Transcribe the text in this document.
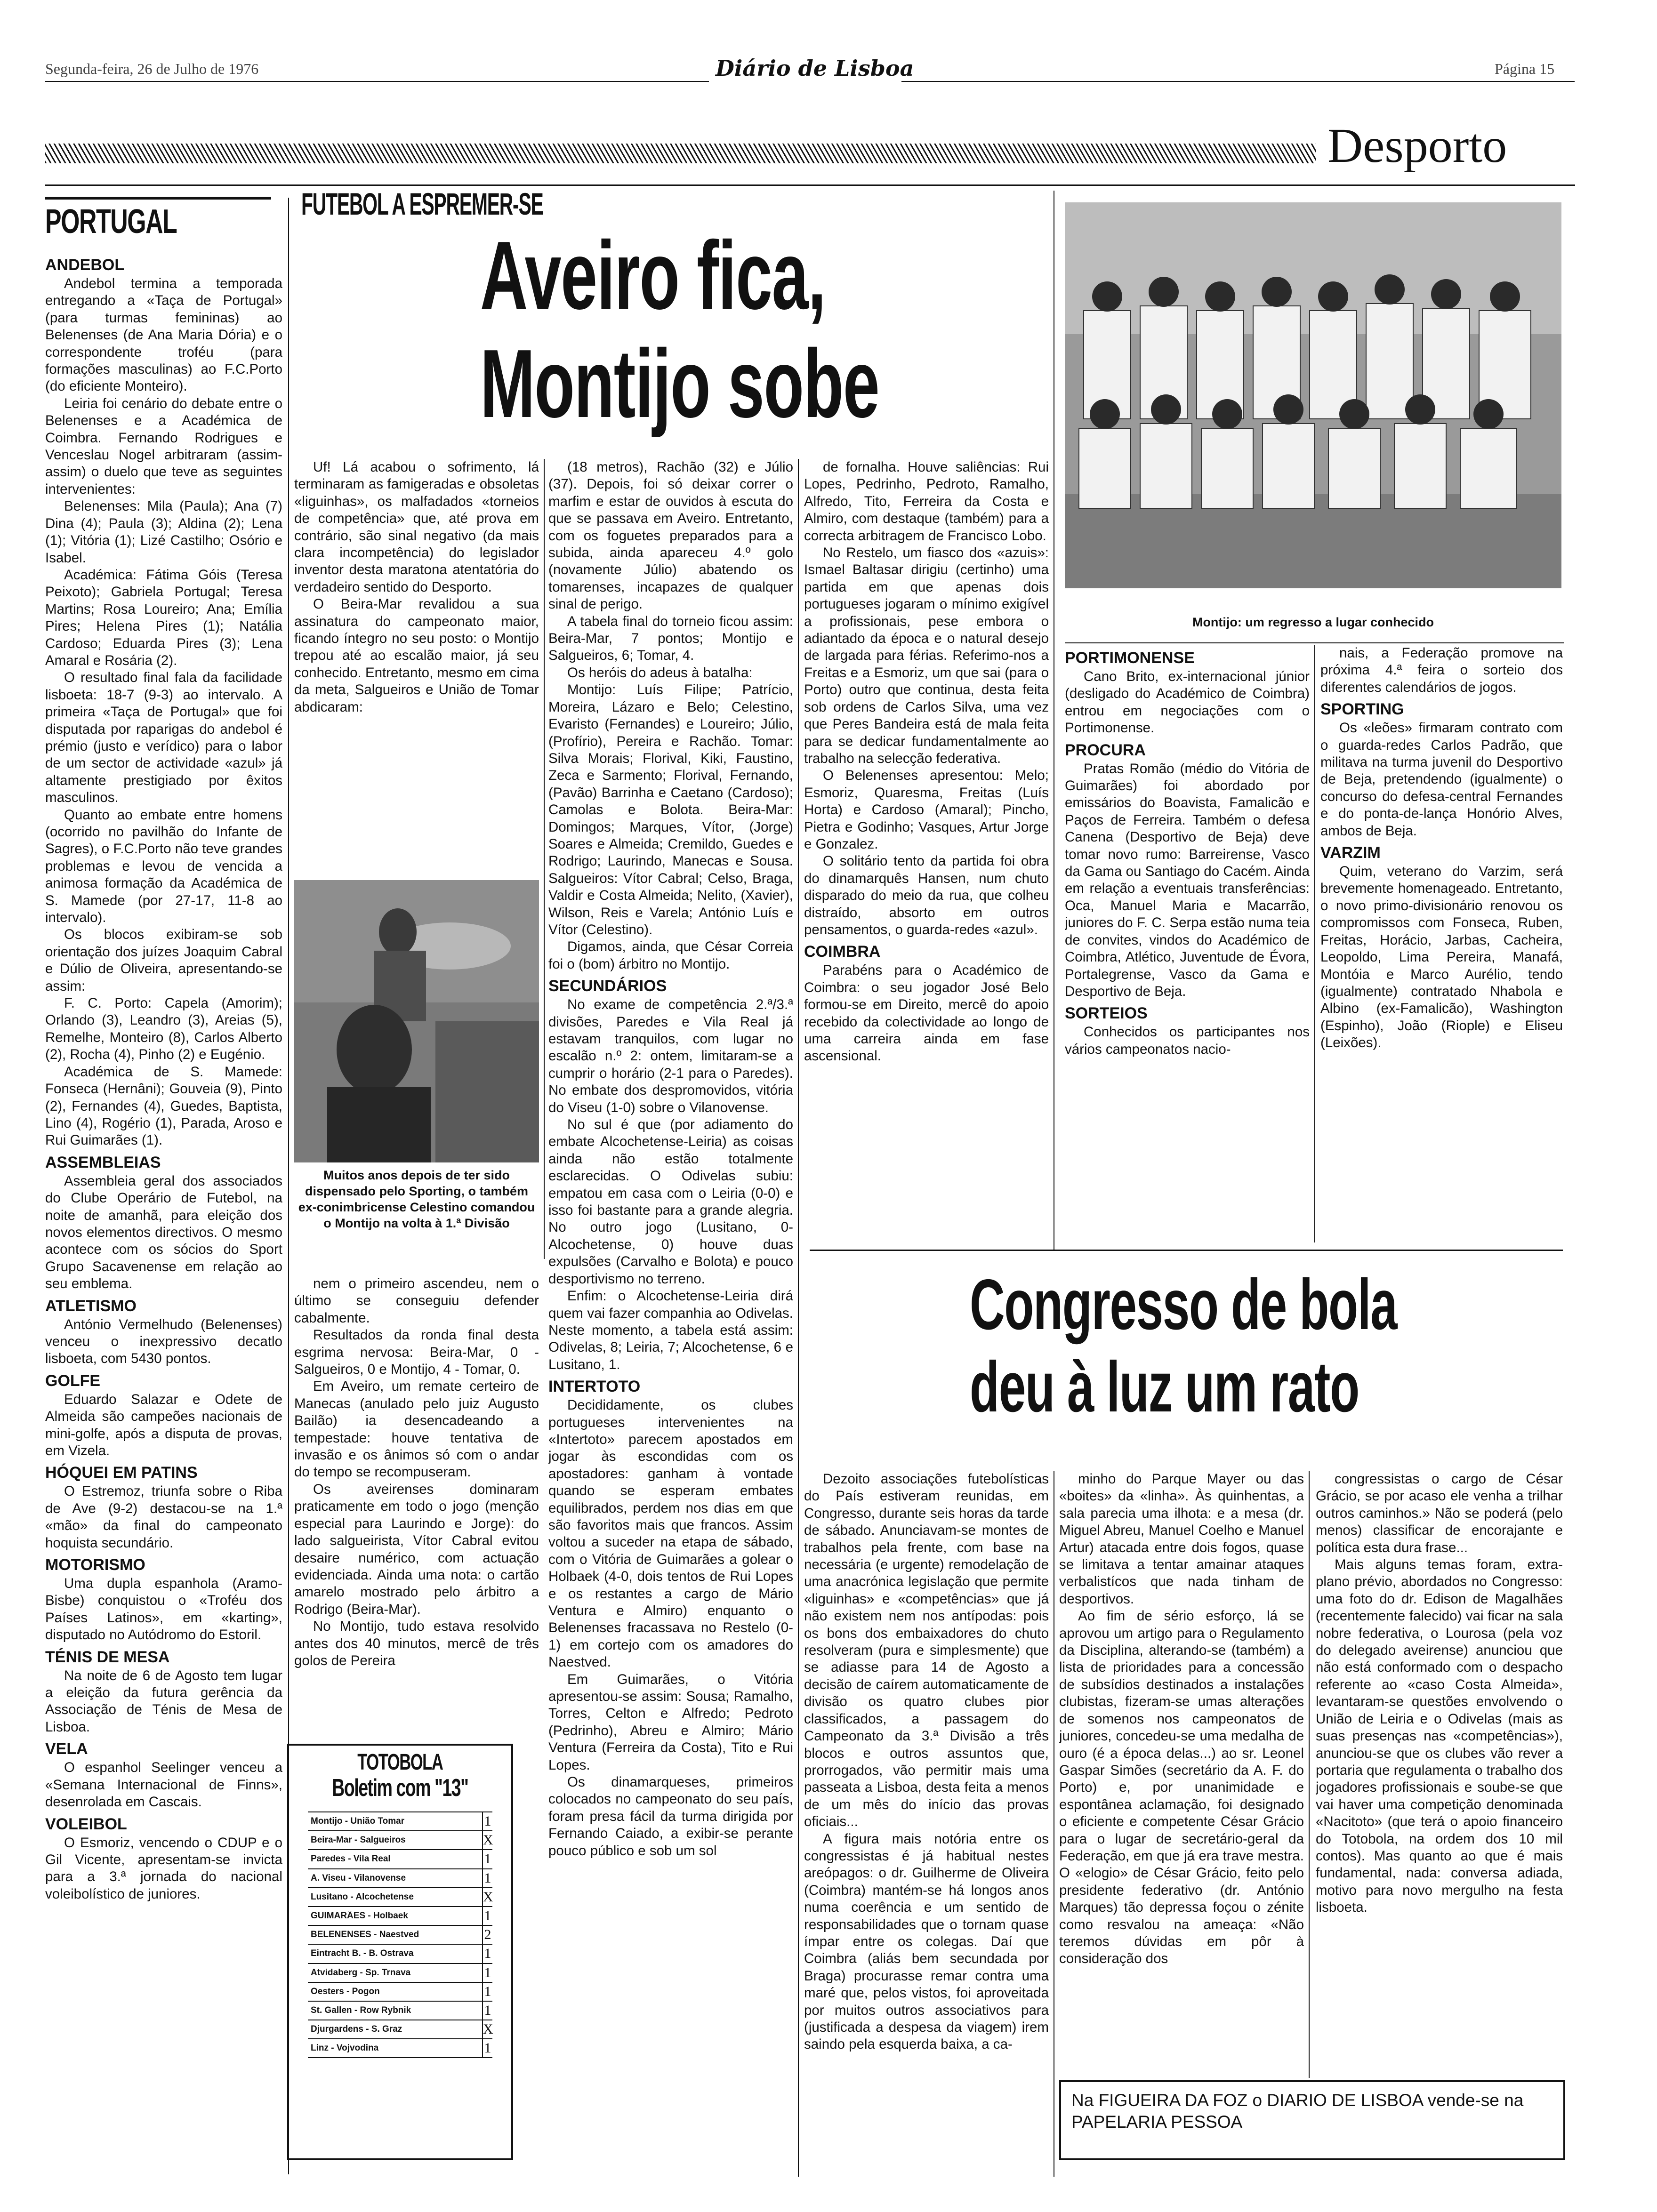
Segunda-feira, 26 de Julho de 1976	Diário de Lisboa	Página 15
Desporto
PORTUGAL

ANDEBOL

Andebol termina a temporada entregando a «Taça de Portugal» (para turmas femininas) ao Belenenses (de Ana Maria Dória) e o correspondente troféu (para formações masculinas) ao F.C.Porto (do eficiente Monteiro).

Leiria foi cenário do debate entre o Belenenses e a Académica de Coimbra. Fernando Rodrigues e Venceslau Nogel arbitraram (assim-assim) o duelo que teve as seguintes intervenientes:

Belenenses: Mila (Paula); Ana (7) Dina (4); Paula (3); Aldina (2); Lena (1); Vitória (1); Lizé Castilho; Osório e Isabel.

Académica: Fátima Góis (Teresa Peixoto); Gabriela Portugal; Teresa Martins; Rosa Loureiro; Ana; Emília Pires; Helena Pires (1); Natália Cardoso; Eduarda Pires (3); Lena Amaral e Rosária (2).

O resultado final fala da facilidade lisboeta: 18-7 (9-3) ao intervalo. A primeira «Taça de Portugal» que foi disputada por raparigas do andebol é prémio (justo e verídico) para o labor de um sector de actividade «azul» já altamente prestigiado por êxitos masculinos.

Quanto ao embate entre homens (ocorrido no pavilhão do Infante de Sagres), o F.C.Porto não teve grandes problemas e levou de vencida a animosa formação da Académica de S. Mamede (por 27-17, 11-8 ao intervalo).

Os blocos exibiram-se sob orientação dos juízes Joaquim Cabral e Dúlio de Oliveira, apresentando-se assim:

F. C. Porto: Capela (Amorim); Orlando (3), Leandro (3), Areias (5), Remelhe, Monteiro (8), Carlos Alberto (2), Rocha (4), Pinho (2) e Eugénio.

Académica de S. Mamede: Fonseca (Hernâni); Gouveia (9), Pinto (2), Fernandes (4), Guedes, Baptista, Lino (4), Rogério (1), Parada, Aroso e Rui Guimarães (1).

ASSEMBLEIAS

Assembleia geral dos associados do Clube Operário de Futebol, na noite de amanhã, para eleição dos novos elementos directivos. O mesmo acontece com os sócios do Sport Grupo Sacavenense em relação ao seu emblema.

ATLETISMO

António Vermelhudo (Belenenses) venceu o inexpressivo decatlo lisboeta, com 5430 pontos.

GOLFE

Eduardo Salazar e Odete de Almeida são campeões nacionais de mini-golfe, após a disputa de provas, em Vizela.

HÓQUEI EM PATINS

O Estremoz, triunfa sobre o Riba de Ave (9-2) destacou-se na 1.ª «mão» da final do campeonato hoquista secundário.

MOTORISMO

Uma dupla espanhola (Aramo-Bisbe) conquistou o «Troféu dos Países Latinos», em «karting», disputado no Autódromo do Estoril.

TÉNIS DE MESA

Na noite de 6 de Agosto tem lugar a eleição da futura gerência da Associação de Ténis de Mesa de Lisboa.

VELA

O espanhol Seelinger venceu a «Semana Internacional de Finns», desenrolada em Cascais.

VOLEIBOL

O Esmoriz, vencendo o CDUP e o Gil Vicente, apresentam-se invicta para a 3.ª jornada do nacional voleibolístico de juniores.

FUTEBOL A ESPREMER-SE
Aveiro fica,
Montijo sobe

Uf! Lá acabou o sofrimento, lá terminaram as famigeradas e obsoletas «liguinhas», os malfadados «torneios de competência» que, até prova em contrário, são sinal negativo (da mais clara incompetência) do legislador inventor desta maratona atentatória do verdadeiro sentido do Desporto.

O Beira-Mar revalidou a sua assinatura do campeonato maior, ficando íntegro no seu posto: o Montijo trepou até ao escalão maior, já seu conhecido. Entretanto, mesmo em cima da meta, Salgueiros e União de Tomar abdicaram:

Muitos anos depois de ter sido dispensado pelo Sporting, o também ex-conimbricense Celestino comandou o Montijo na volta à 1.ª Divisão

nem o primeiro ascendeu, nem o último se conseguiu defender cabalmente.

Resultados da ronda final desta esgrima nervosa: Beira-Mar, 0 - Salgueiros, 0 e Montijo, 4 - Tomar, 0.

Em Aveiro, um remate certeiro de Manecas (anulado pelo juiz Augusto Bailão) ia desencadeando a tempestade: houve tentativa de invasão e os ânimos só com o andar do tempo se recompuseram.

Os aveirenses dominaram praticamente em todo o jogo (menção especial para Laurindo e Jorge): do lado salgueirista, Vítor Cabral evitou desaire numérico, com actuação evidenciada. Ainda uma nota: o cartão amarelo mostrado pelo árbitro a Rodrigo (Beira-Mar).

No Montijo, tudo estava resolvido antes dos 40 minutos, mercê de três golos de Pereira

(18 metros), Rachão (32) e Júlio (37). Depois, foi só deixar correr o marfim e estar de ouvidos à escuta do que se passava em Aveiro. Entretanto, com os foguetes preparados para a subida, ainda apareceu 4.º golo (novamente Júlio) abatendo os tomarenses, incapazes de qualquer sinal de perigo.

A tabela final do torneio ficou assim: Beira-Mar, 7 pontos; Montijo e Salgueiros, 6; Tomar, 4.

Os heróis do adeus à batalha:

Montijo: Luís Filipe; Patrício, Moreira, Lázaro e Belo; Celestino, Evaristo (Fernandes) e Loureiro; Júlio, (Profírio), Pereira e Rachão. Tomar: Silva Morais; Florival, Kiki, Faustino, Zeca e Sarmento; Florival, Fernando, (Pavão) Barrinha e Caetano (Cardoso); Camolas e Bolota. Beira-Mar: Domingos; Marques, Vítor, (Jorge) Soares e Almeida; Cremildo, Guedes e Rodrigo; Laurindo, Manecas e Sousa. Salgueiros: Vítor Cabral; Celso, Braga, Valdir e Costa Almeida; Nelito, (Xavier), Wilson, Reis e Varela; António Luís e Vítor (Celestino).

Digamos, ainda, que César Correia foi o (bom) árbitro no Montijo.

SECUNDÁRIOS

No exame de competência 2.ª/3.ª divisões, Paredes e Vila Real já estavam tranquilos, com lugar no escalão n.º 2: ontem, limitaram-se a cumprir o horário (2-1 para o Paredes). No embate dos despromovidos, vitória do Viseu (1-0) sobre o Vilanovense.

No sul é que (por adiamento do embate Alcochetense-Leiria) as coisas ainda não estão totalmente esclarecidas. O Odivelas subiu: empatou em casa com o Leiria (0-0) e isso foi bastante para a grande alegria. No outro jogo (Lusitano, 0-Alcochetense, 0) houve duas expulsões (Carvalho e Bolota) e pouco desportivismo no terreno.

Enfim: o Alcochetense-Leiria dirá quem vai fazer companhia ao Odivelas. Neste momento, a tabela está assim: Odivelas, 8; Leiria, 7; Alcochetense, 6 e Lusitano, 1.

INTERTOTO

Decididamente, os clubes portugueses intervenientes na «Intertoto» parecem apostados em jogar às escondidas com os apostadores: ganham à vontade quando se esperam embates equilibrados, perdem nos dias em que são favoritos mais que francos. Assim voltou a suceder na etapa de sábado, com o Vitória de Guimarães a golear o Holbaek (4-0, dois tentos de Rui Lopes e os restantes a cargo de Mário Ventura e Almiro) enquanto o Belenenses fracassava no Restelo (0-1) em cortejo com os amadores do Naestved.

Em Guimarães, o Vitória apresentou-se assim: Sousa; Ramalho, Torres, Celton e Alfredo; Pedroto (Pedrinho), Abreu e Almiro; Mário Ventura (Ferreira da Costa), Tito e Rui Lopes.

Os dinamarqueses, primeiros colocados no campeonato do seu país, foram presa fácil da turma dirigida por Fernando Caiado, a exibir-se perante pouco público e sob um sol

de fornalha. Houve saliências: Rui Lopes, Pedrinho, Pedroto, Ramalho, Alfredo, Tito, Ferreira da Costa e Almiro, com destaque (também) para a correcta arbitragem de Francisco Lobo.

No Restelo, um fiasco dos «azuis»: Ismael Baltasar dirigiu (certinho) uma partida em que apenas dois portugueses jogaram o mínimo exigível a profissionais, pese embora o adiantado da época e o natural desejo de largada para férias. Referimo-nos a Freitas e a Esmoriz, um que sai (para o Porto) outro que continua, desta feita sob ordens de Carlos Silva, uma vez que Peres Bandeira está de mala feita para se dedicar fundamentalmente ao trabalho na selecção federativa.

O Belenenses apresentou: Melo; Esmoriz, Quaresma, Freitas (Luís Horta) e Cardoso (Amaral); Pincho, Pietra e Godinho; Vasques, Artur Jorge e Gonzalez.

O solitário tento da partida foi obra do dinamarquês Hansen, num chuto disparado do meio da rua, que colheu distraído, absorto em outros pensamentos, o guarda-redes «azul».

COIMBRA

Parabéns para o Académico de Coimbra: o seu jogador José Belo formou-se em Direito, mercê do apoio recebido da colectividade ao longo de uma carreira ainda em fase ascensional.

TOTOBOLA
Boletim com "13"
Montijo - União Tomar	1
Beira-Mar - Salgueiros	X
Paredes - Vila Real	1
A. Viseu - Vilanovense	1
Lusitano - Alcochetense	X
GUIMARÃES - Holbaek	1
BELENENSES - Naestved	2
Eintracht B. - B. Ostrava	1
Atvidaberg - Sp. Trnava	1
Oesters - Pogon	1
St. Gallen - Row Rybnik	1
Djurgardens - S. Graz	X
Linz - Vojvodina	1
Montijo: um regresso a lugar conhecido

PORTIMONENSE

Cano Brito, ex-internacional júnior (desligado do Académico de Coimbra) entrou em negociações com o Portimonense.

PROCURA

Pratas Romão (médio do Vitória de Guimarães) foi abordado por emissários do Boavista, Famalicão e Paços de Ferreira. Também o defesa Canena (Desportivo de Beja) deve tomar novo rumo: Barreirense, Vasco da Gama ou Santiago do Cacém. Ainda em relação a eventuais transferências: Oca, Manuel Maria e Macarrão, juniores do F. C. Serpa estão numa teia de convites, vindos do Académico de Coimbra, Atlético, Juventude de Évora, Portalegrense, Vasco da Gama e Desportivo de Beja.

SORTEIOS

Conhecidos os participantes nos vários campeonatos nacio-

nais, a Federação promove na próxima 4.ª feira o sorteio dos diferentes calendários de jogos.

SPORTING

Os «leões» firmaram contrato com o guarda-redes Carlos Padrão, que militava na turma juvenil do Desportivo de Beja, pretendendo (igualmente) o concurso do defesa-central Fernandes e do ponta-de-lança Honório Alves, ambos de Beja.

VARZIM

Quim, veterano do Varzim, será brevemente homenageado. Entretanto, o novo primo-divisionário renovou os compromissos com Fonseca, Ruben, Freitas, Horácio, Jarbas, Cacheira, Leopoldo, Lima Pereira, Manafá, Montóia e Marco Aurélio, tendo (igualmente) contratado Nhabola e Albino (ex-Famalicão), Washington (Espinho), João (Riople) e Eliseu (Leixões).

Congresso de bola
deu à luz um rato

Dezoito associações futebolísticas do País estiveram reunidas, em Congresso, durante seis horas da tarde de sábado. Anunciavam-se montes de trabalhos pela frente, com base na necessária (e urgente) remodelação de uma anacrónica legislação que permite «liguinhas» e «competências» que já não existem nem nos antípodas: pois os bons dos embaixadores do chuto resolveram (pura e simplesmente) que se adiasse para 14 de Agosto a decisão de caírem automaticamente de divisão os quatro clubes pior classificados, a passagem do Campeonato da 3.ª Divisão a três blocos e outros assuntos que, prorrogados, vão permitir mais uma passeata a Lisboa, desta feita a menos de um mês do início das provas oficiais...

A figura mais notória entre os congressistas é já habitual nestes areópagos: o dr. Guilherme de Oliveira (Coimbra) mantém-se há longos anos numa coerência e um sentido de responsabilidades que o tornam quase ímpar entre os colegas. Daí que Coimbra (aliás bem secundada por Braga) procurasse remar contra uma maré que, pelos vistos, foi aproveitada por muitos outros associativos para (justificada a despesa da viagem) irem saindo pela esquerda baixa, a ca-

minho do Parque Mayer ou das «boites» da «linha». Às quinhentas, a sala parecia uma ilhota: e a mesa (dr. Miguel Abreu, Manuel Coelho e Manuel Artur) atacada entre dois fogos, quase se limitava a tentar amainar ataques verbalistícos que nada tinham de desportivos.

Ao fim de sério esforço, lá se aprovou um artigo para o Regulamento da Disciplina, alterando-se (também) a lista de prioridades para a concessão de subsídios destinados a instalações clubistas, fizeram-se umas alterações de somenos nos campeonatos de juniores, concedeu-se uma medalha de ouro (é a época delas...) ao sr. Leonel Gaspar Simões (secretário da A. F. do Porto) e, por unanimidade e espontânea aclamação, foi designado o eficiente e competente César Grácio para o lugar de secretário-geral da Federação, em que já era trave mestra. O «elogio» de César Grácio, feito pelo presidente federativo (dr. António Marques) tão depressa foçou o zénite como resvalou na ameaça: «Não teremos dúvidas em pôr à consideração dos

congressistas o cargo de César Grácio, se por acaso ele venha a trilhar outros caminhos.» Não se poderá (pelo menos) classificar de encorajante e política esta dura frase...

Mais alguns temas foram, extra-plano prévio, abordados no Congresso: uma foto do dr. Edison de Magalhães (recentemente falecido) vai ficar na sala nobre federativa, o Lourosa (pela voz do delegado aveirense) anunciou que não está conformado com o despacho referente ao «caso Costa Almeida», levantaram-se questões envolvendo o União de Leiria e o Odivelas (mais as suas presenças nas «competências»), anunciou-se que os clubes vão rever a portaria que regulamenta o trabalho dos jogadores profissionais e soube-se que vai haver uma competição denominada «Nacitoto» (que terá o apoio financeiro do Totobola, na ordem dos 10 mil contos). Mas quanto ao que é mais fundamental, nada: conversa adiada, motivo para novo mergulho na festa lisboeta.

Na FIGUEIRA DA FOZ o DIARIO DE LISBOA vende-se na PAPELARIA PESSOA
